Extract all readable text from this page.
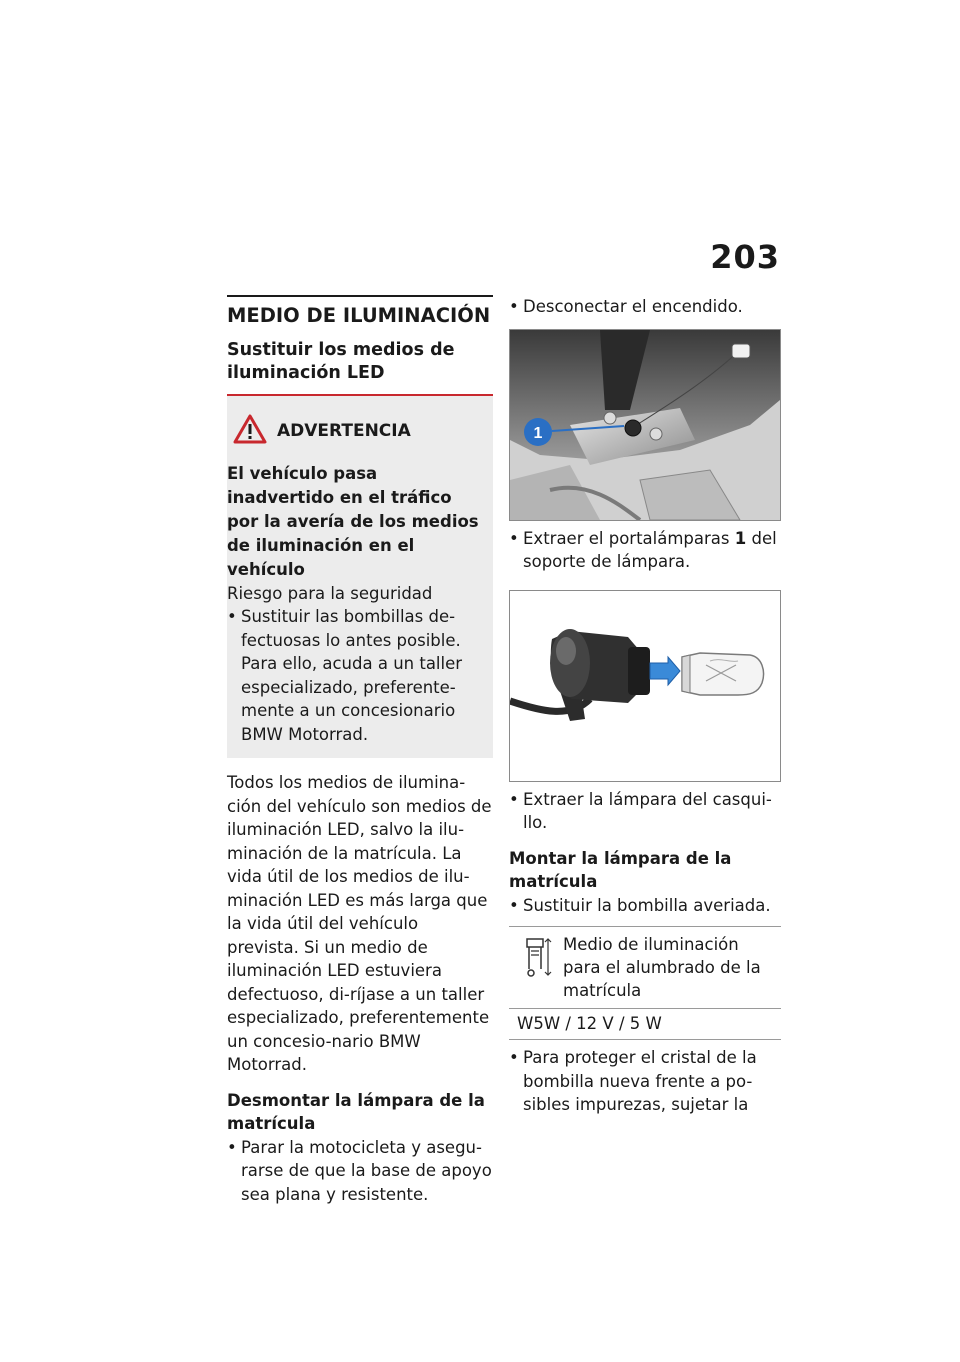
203
MEDIO DE ILUMINACIÓN
Sustituir los medios de iluminación LED
ADVERTENCIA
El vehículo pasa inadvertido en el tráfico por la avería de los medios de iluminación en el vehículo
Riesgo para la seguridad
• Sustituir las bombillas de-fectuosas lo antes posible. Para ello, acuda a un taller especializado, preferente-mente a un concesionario BMW Motorrad.
Todos los medios de ilumina-ción del vehículo son medios de iluminación LED, salvo la ilu-minación de la matrícula. La vida útil de los medios de ilu-minación LED es más larga que la vida útil del vehículo prevista. Si un medio de iluminación LED estuviera defectuoso, di-ríjase a un taller especializado, preferentemente un concesio-nario BMW Motorrad.
Desmontar la lámpara de la matrícula
• Parar la motocicleta y asegu-rarse de que la base de apoyo sea plana y resistente.
• Desconectar el encendido.
1
• Extraer el portalámparas 1 del soporte de lámpara.
• Extraer la lámpara del casqui-llo.
Montar la lámpara de la matrícula
• Sustituir la bombilla averiada.
Medio de iluminación para el alumbrado de la matrícula
W5W / 12 V / 5 W
• Para proteger el cristal de la bombilla nueva frente a po-sibles impurezas, sujetar la
